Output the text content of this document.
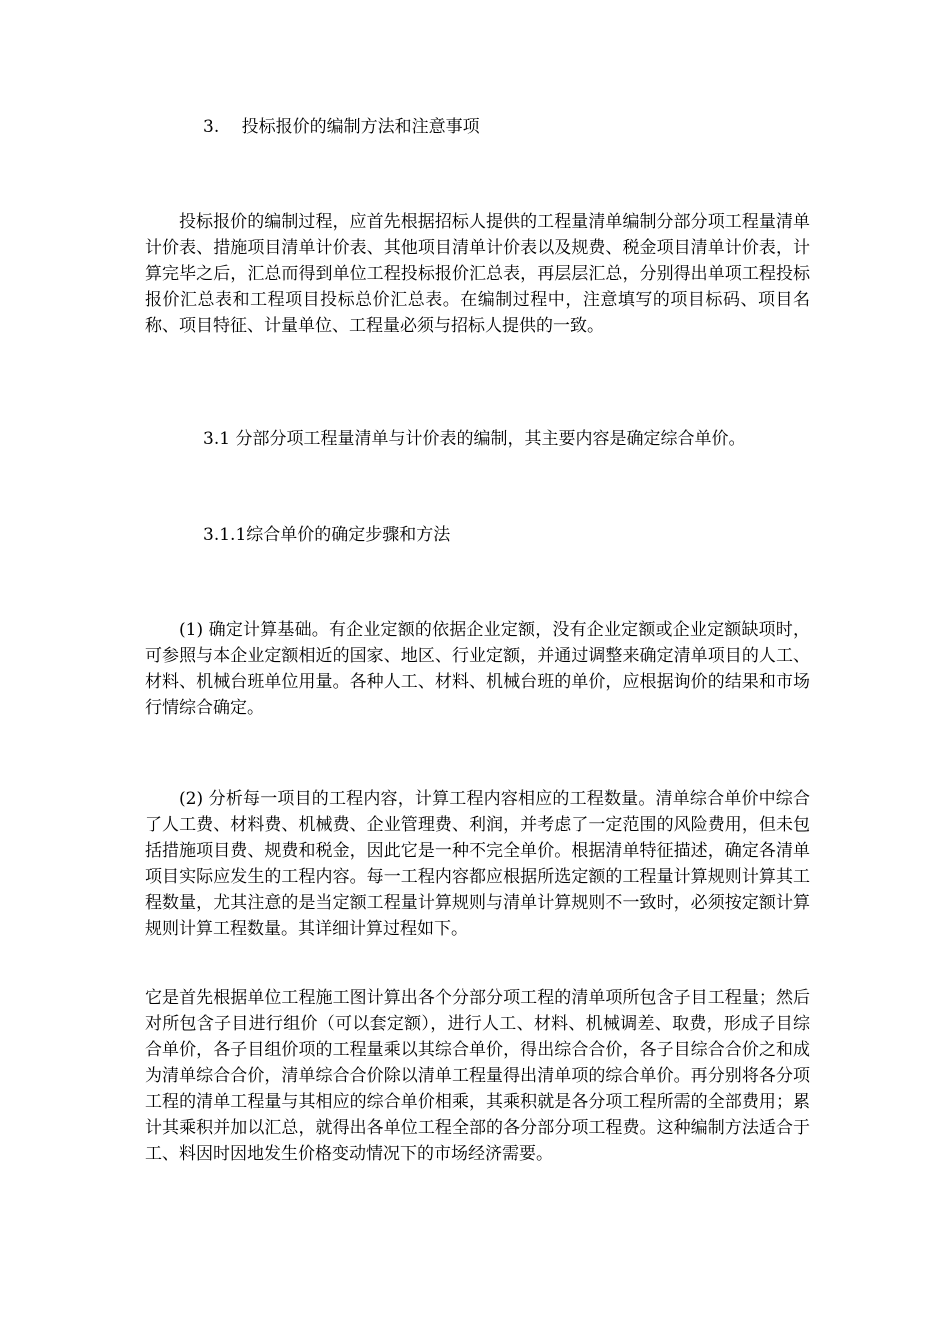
3.　 投标报价的编制方法和注意事项
投标报价的编制过程，应首先根据招标人提供的工程量清单编制分部分项工程量清单计价表、措施项目清单计价表、其他项目清单计价表以及规费、税金项目清单计价表，计算完毕之后，汇总而得到单位工程投标报价汇总表，再层层汇总，分别得出单项工程投标报价汇总表和工程项目投标总价汇总表。在编制过程中，注意填写的项目标码、项目名称、项目特征、计量单位、工程量必须与招标人提供的一致。
3.1 分部分项工程量清单与计价表的编制，其主要内容是确定综合单价。
3.1.1综合单价的确定步骤和方法
(1) 确定计算基础。有企业定额的依据企业定额，没有企业定额或企业定额缺项时，可参照与本企业定额相近的国家、地区、行业定额，并通过调整来确定清单项目的人工、材料、机械台班单位用量。各种人工、材料、机械台班的单价，应根据询价的结果和市场行情综合确定。
(2) 分析每一项目的工程内容，计算工程内容相应的工程数量。清单综合单价中综合了人工费、材料费、机械费、企业管理费、利润，并考虑了一定范围的风险费用，但未包括措施项目费、规费和税金，因此它是一种不完全单价。根据清单特征描述，确定各清单项目实际应发生的工程内容。每一工程内容都应根据所选定额的工程量计算规则计算其工程数量，尤其注意的是当定额工程量计算规则与清单计算规则不一致时，必须按定额计算规则计算工程数量。其详细计算过程如下。
它是首先根据单位工程施工图计算出各个分部分项工程的清单项所包含子目工程量；然后对所包含子目进行组价（可以套定额），进行人工、材料、机械调差、取费，形成子目综合单价，各子目组价项的工程量乘以其综合单价，得出综合合价，各子目综合合价之和成为清单综合合价，清单综合合价除以清单工程量得出清单项的综合单价。再分别将各分项工程的清单工程量与其相应的综合单价相乘，其乘积就是各分项工程所需的全部费用；累计其乘积并加以汇总，就得出各单位工程全部的各分部分项工程费。这种编制方法适合于工、料因时因地发生价格变动情况下的市场经济需要。
